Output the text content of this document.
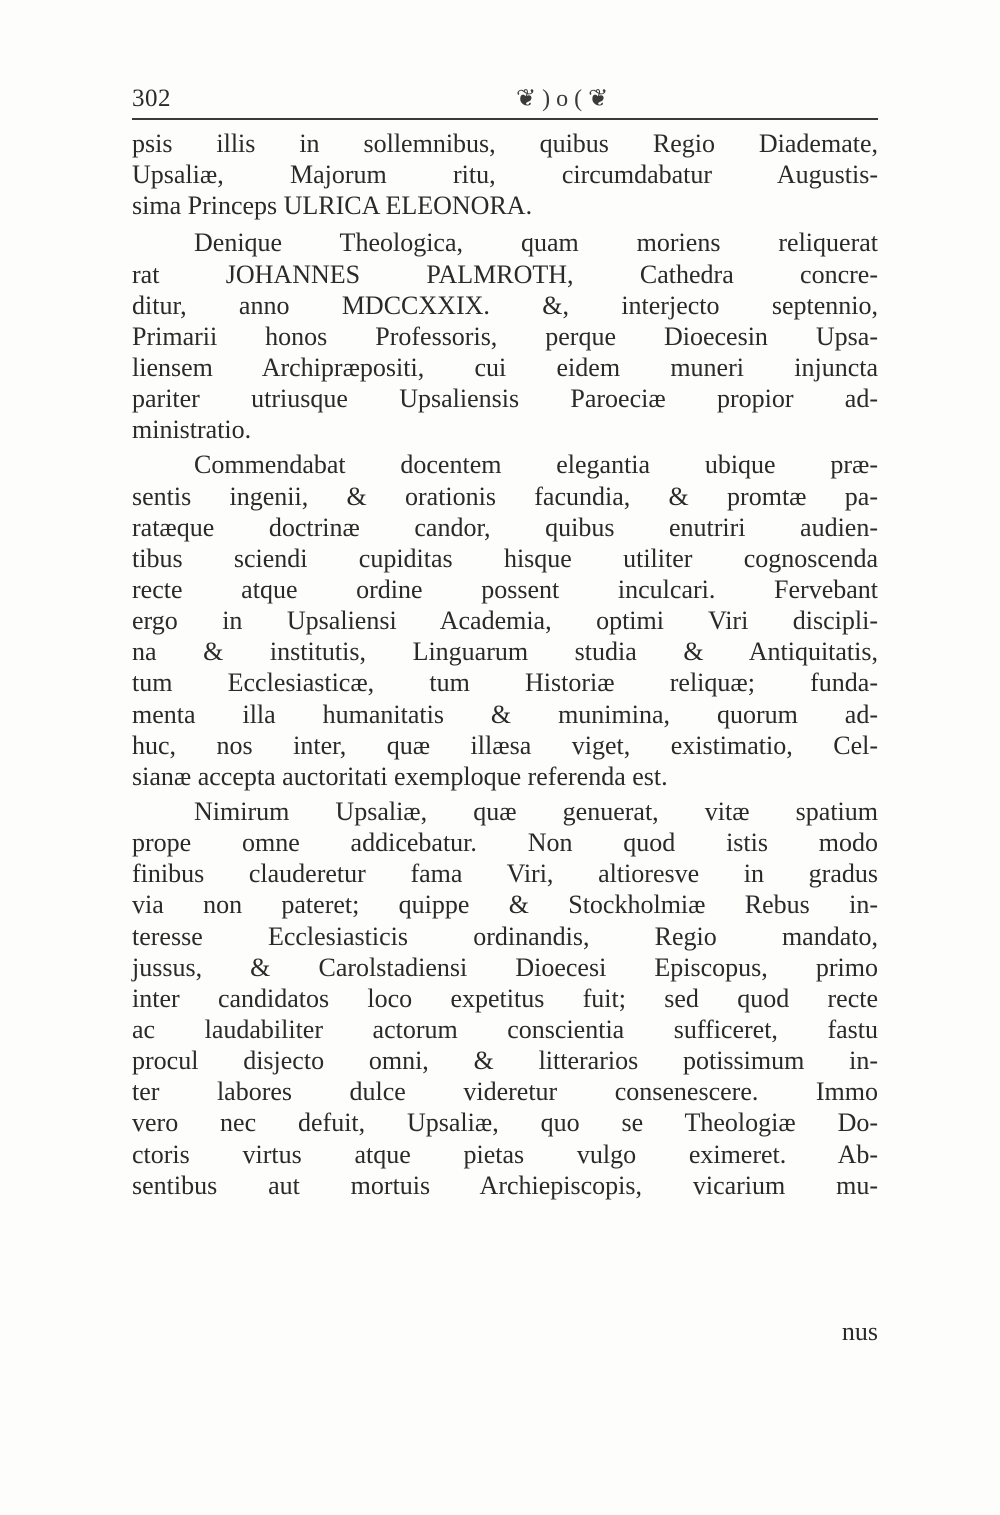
302	❦ ) o ( ❦
psis illis in sollemnibus, quibus Regio Diademate,
Upsaliæ, Majorum ritu, circumdabatur Augustis-
sima Princeps ULRICA ELEONORA.
Denique Theologica, quam moriens reliquerat
rat JOHANNES PALMROTH, Cathedra concre-
ditur, anno MDCCXXIX. &, interjecto septennio,
Primarii honos Professoris, perque Dioecesin Upsa-
liensem Archipræpositi, cui eidem muneri injuncta
pariter utriusque Upsaliensis Paroeciæ propior ad-
ministratio.
Commendabat docentem elegantia ubique præ-
sentis ingenii, & orationis facundia, & promtæ pa-
ratæque doctrinæ candor, quibus enutriri audien-
tibus sciendi cupiditas hisque utiliter cognoscenda
recte atque ordine possent inculcari. Fervebant
ergo in Upsaliensi Academia, optimi Viri discipli-
na & institutis, Linguarum studia & Antiquitatis,
tum Ecclesiasticæ, tum Historiæ reliquæ; funda-
menta illa humanitatis & munimina, quorum ad-
huc, nos inter, quæ illæsa viget, existimatio, Cel-
sianæ accepta auctoritati exemploque referenda est.
Nimirum Upsaliæ, quæ genuerat, vitæ spatium
prope omne addicebatur. Non quod istis modo
finibus clauderetur fama Viri, altioresve in gradus
via non pateret; quippe & Stockholmiæ Rebus in-
teresse Ecclesiasticis ordinandis, Regio mandato,
jussus, & Carolstadiensi Dioecesi Episcopus, primo
inter candidatos loco expetitus fuit; sed quod recte
ac laudabiliter actorum conscientia sufficeret, fastu
procul disjecto omni, & litterarios potissimum in-
ter labores dulce videretur consenescere. Immo
vero nec defuit, Upsaliæ, quo se Theologiæ Do-
ctoris virtus atque pietas vulgo eximeret. Ab-
sentibus aut mortuis Archiepiscopis, vicarium mu-
nus
